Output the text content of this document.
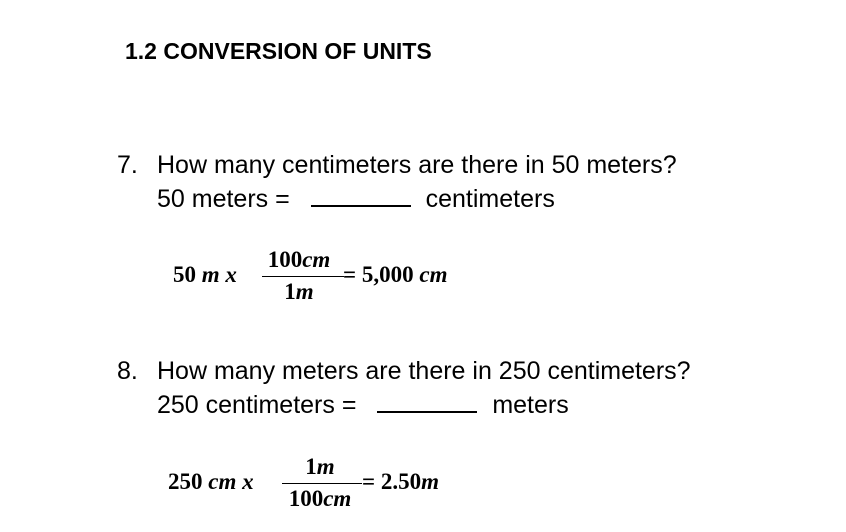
1.2 CONVERSION OF UNITS
7. How many centimeters are there in 50 meters?
50 meters =	centimeters
50 m x
100cm
1m
= 5,000 cm
8. How many meters are there in 250 centimeters?
250 centimeters =	meters
250 cm x
1m
100cm
= 2.50m
